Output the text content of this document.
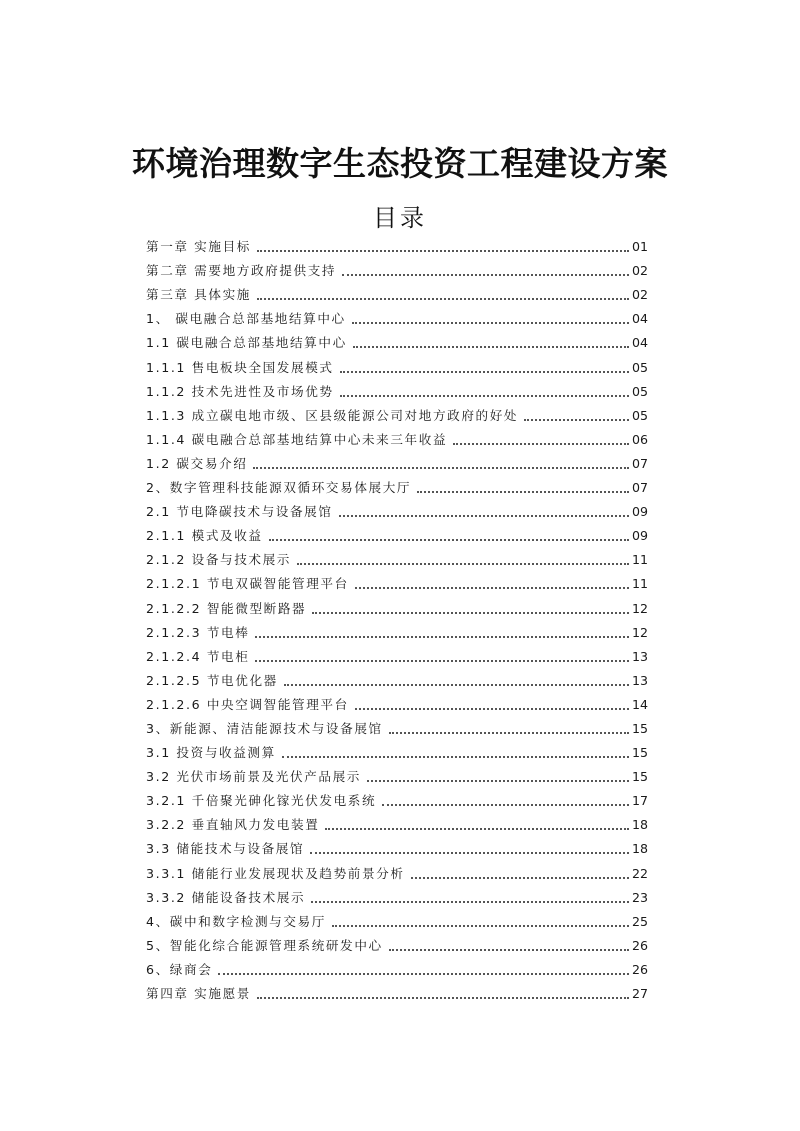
环境治理数字生态投资工程建设方案
目录
第一章 实施目标	01
第二章 需要地方政府提供支持	02
第三章 具体实施	02
1、 碳电融合总部基地结算中心	04
1.1 碳电融合总部基地结算中心	04
1.1.1 售电板块全国发展模式	05
1.1.2 技术先进性及市场优势	05
1.1.3 成立碳电地市级、区县级能源公司对地方政府的好处	05
1.1.4 碳电融合总部基地结算中心未来三年收益	06
1.2 碳交易介绍	07
2、数字管理科技能源双循环交易体展大厅	07
2.1 节电降碳技术与设备展馆	09
2.1.1 模式及收益	09
2.1.2 设备与技术展示	11
2.1.2.1 节电双碳智能管理平台	11
2.1.2.2 智能微型断路器	12
2.1.2.3 节电棒	12
2.1.2.4 节电柜	13
2.1.2.5 节电优化器	13
2.1.2.6 中央空调智能管理平台	14
3、新能源、清洁能源技术与设备展馆	15
3.1 投资与收益测算	15
3.2 光伏市场前景及光伏产品展示	15
3.2.1 千倍聚光砷化镓光伏发电系统	17
3.2.2 垂直轴风力发电装置	18
3.3 储能技术与设备展馆	18
3.3.1 储能行业发展现状及趋势前景分析	22
3.3.2 储能设备技术展示	23
4、碳中和数字检测与交易厅	25
5、智能化综合能源管理系统研发中心	26
6、绿商会	26
第四章 实施愿景	27
